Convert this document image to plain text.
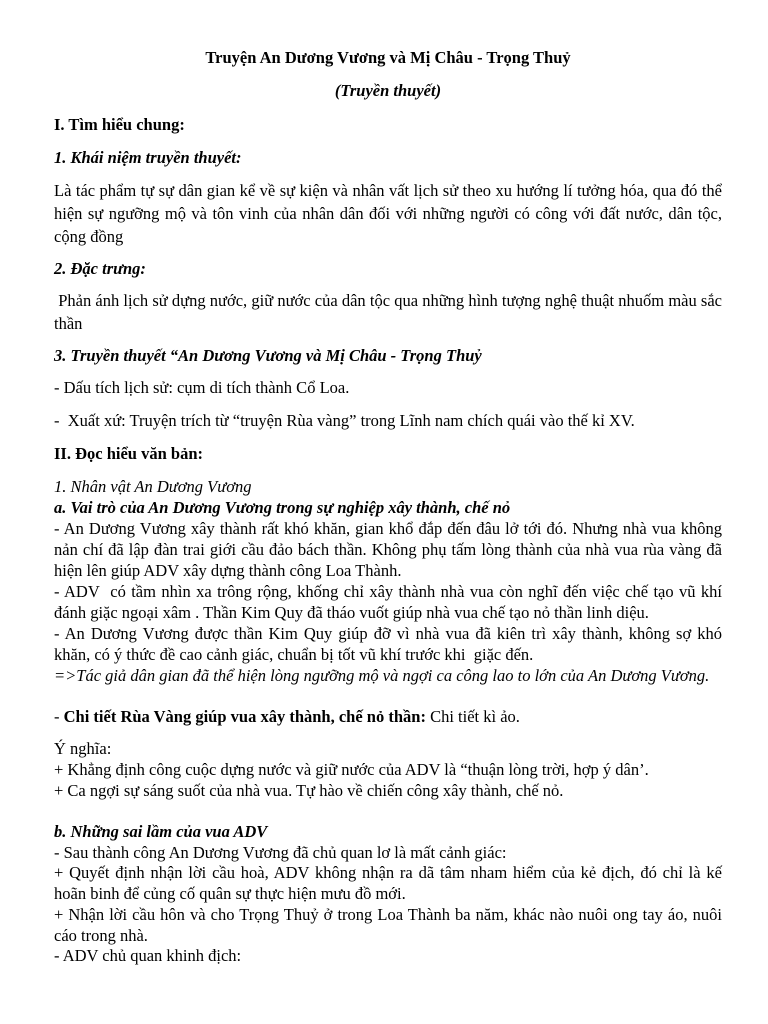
Truyện An Dương Vương và Mị Châu - Trọng Thuỷ
(Truyền thuyết)
I. Tìm hiểu chung:
1. Khái niệm truyền thuyết:
Là tác phẩm tự sự dân gian kể về sự kiện và nhân vất lịch sử theo xu hướng lí tưởng hóa, qua đó thể hiện sự ngưỡng mộ và tôn vinh của nhân dân đối với những người có công với đất nước, dân tộc, cộng đồng
2. Đặc trưng:
Phản ánh lịch sử dựng nước, giữ nước của dân tộc qua những hình tượng nghệ thuật nhuốm màu sắc thần
3. Truyền thuyết “An Dương Vương và Mị Châu - Trọng Thuỷ
- Dấu tích lịch sử: cụm di tích thành Cổ Loa.
-  Xuất xứ: Truyện trích từ “truyện Rùa vàng” trong Lĩnh nam chích quái vào thế kỉ XV.
II. Đọc hiểu văn bản:
1. Nhân vật An Dương Vương
a. Vai trò của An Dương Vương trong sự nghiệp xây thành, chế nỏ
- An Dương Vương xây thành rất khó khăn, gian khổ đắp đến đâu lở tới đó. Nhưng nhà vua không nản chí đã lập đàn trai giới cầu đảo bách thần. Không phụ tấm lòng thành của nhà vua rùa vàng đã hiện lên giúp ADV xây dựng thành công Loa Thành.
- ADV  có tầm nhìn xa trông rộng, khống chỉ xây thành nhà vua còn nghĩ đến việc chế tạo vũ khí đánh giặc ngoại xâm . Thần Kim Quy đã tháo vuốt giúp nhà vua chế tạo nỏ thần linh diệu.
- An Dương Vương được thần Kim Quy giúp đỡ vì nhà vua đã kiên trì xây thành, không sợ khó khăn, có ý thức đề cao cảnh giác, chuẩn bị tốt vũ khí trước khi  giặc đến.
=>Tác giả dân gian đã thể hiện lòng ngưỡng mộ và ngợi ca công lao to lớn của An Dương Vương.
- Chi tiết Rùa Vàng giúp vua xây thành, chế nỏ thần: Chi tiết kì ảo.
Ý nghĩa:
+ Khẳng định công cuộc dựng nước và giữ nước của ADV là “thuận lòng trời, hợp ý dân’.
+ Ca ngợi sự sáng suốt của nhà vua. Tự hào về chiến công xây thành, chế nỏ.
b. Những sai lầm của vua ADV
- Sau thành công An Dương Vương đã chủ quan lơ là mất cảnh giác:
+ Quyết định nhận lời cầu hoà, ADV không nhận ra dã tâm nham hiểm của kẻ địch, đó chỉ là kế hoãn binh để củng cố quân sự thực hiện mưu đồ mới.
+ Nhận lời cầu hôn và cho Trọng Thuỷ ở trong Loa Thành ba năm, khác nào nuôi ong tay áo, nuôi cáo trong nhà.
- ADV chủ quan khinh địch:
